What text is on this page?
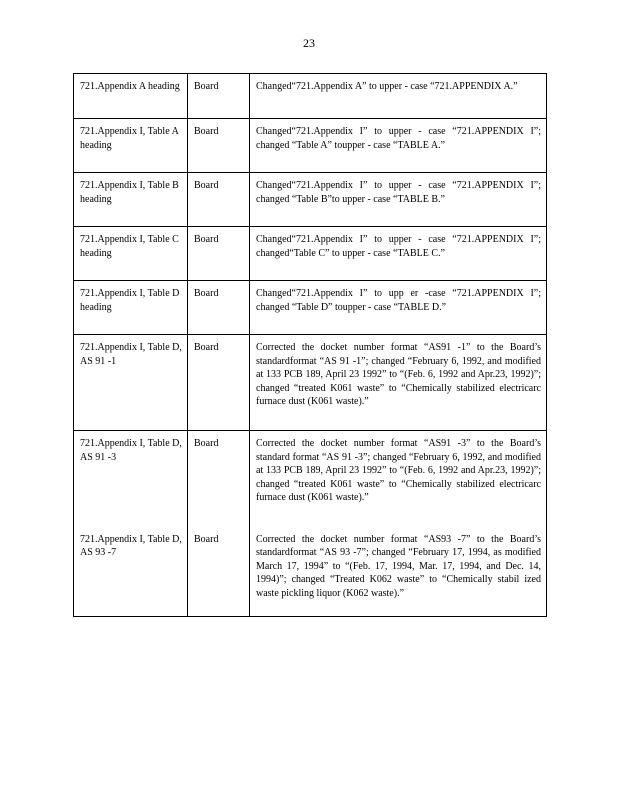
23
721.Appendix A heading	Board	Changed“721.Appendix A” to upper - case “721.APPENDIX A.”
721.Appendix I, Table A heading	Board	Changed“721.Appendix I” to upper - case “721.APPENDIX I”; changed “Table A” toupper - case “TABLE A.”
721.Appendix I, Table B heading	Board	Changed“721.Appendix I” to upper - case “721.APPENDIX I”; changed “Table B”to upper - case “TABLE B.”
721.Appendix I, Table C heading	Board	Changed“721.Appendix I” to upper - case “721.APPENDIX I”; changed“Table C” to upper - case “TABLE C.”
721.Appendix I, Table D heading	Board	Changed“721.Appendix I” to upp er -case “721.APPENDIX I”; changed “Table D” toupper - case “TABLE D.”
721.Appendix I, Table D, AS 91 -1	Board	Corrected the docket number format “AS91 -1” to the Board’s standardformat “AS 91 -1”; changed “February 6, 1992, and modified at 133 PCB 189, April 23 1992” to “(Feb. 6, 1992 and Apr.23, 1992)”; changed “treated K061 waste” to “Chemically stabilized electricarc furnace dust (K061 waste).”
721.Appendix I, Table D, AS 91 -3	Board	Corrected the docket number format “AS91 -3” to the Board’s standard format “AS 91 -3”; changed “February 6, 1992, and modified at 133 PCB 189, April 23 1992” to “(Feb. 6, 1992 and Apr.23, 1992)”; changed “treated K061 waste” to “Chemically stabilized electricarc furnace dust (K061 waste).”
721.Appendix I, Table D, AS 93 -7	Board	Corrected the docket number format “AS93 -7” to the Board’s standardformat “AS 93 -7”; changed “February 17, 1994, as modified March 17, 1994” to “(Feb. 17, 1994, Mar. 17, 1994, and Dec. 14, 1994)”; changed “Treated K062 waste” to “Chemically stabil ized waste pickling liquor (K062 waste).”
